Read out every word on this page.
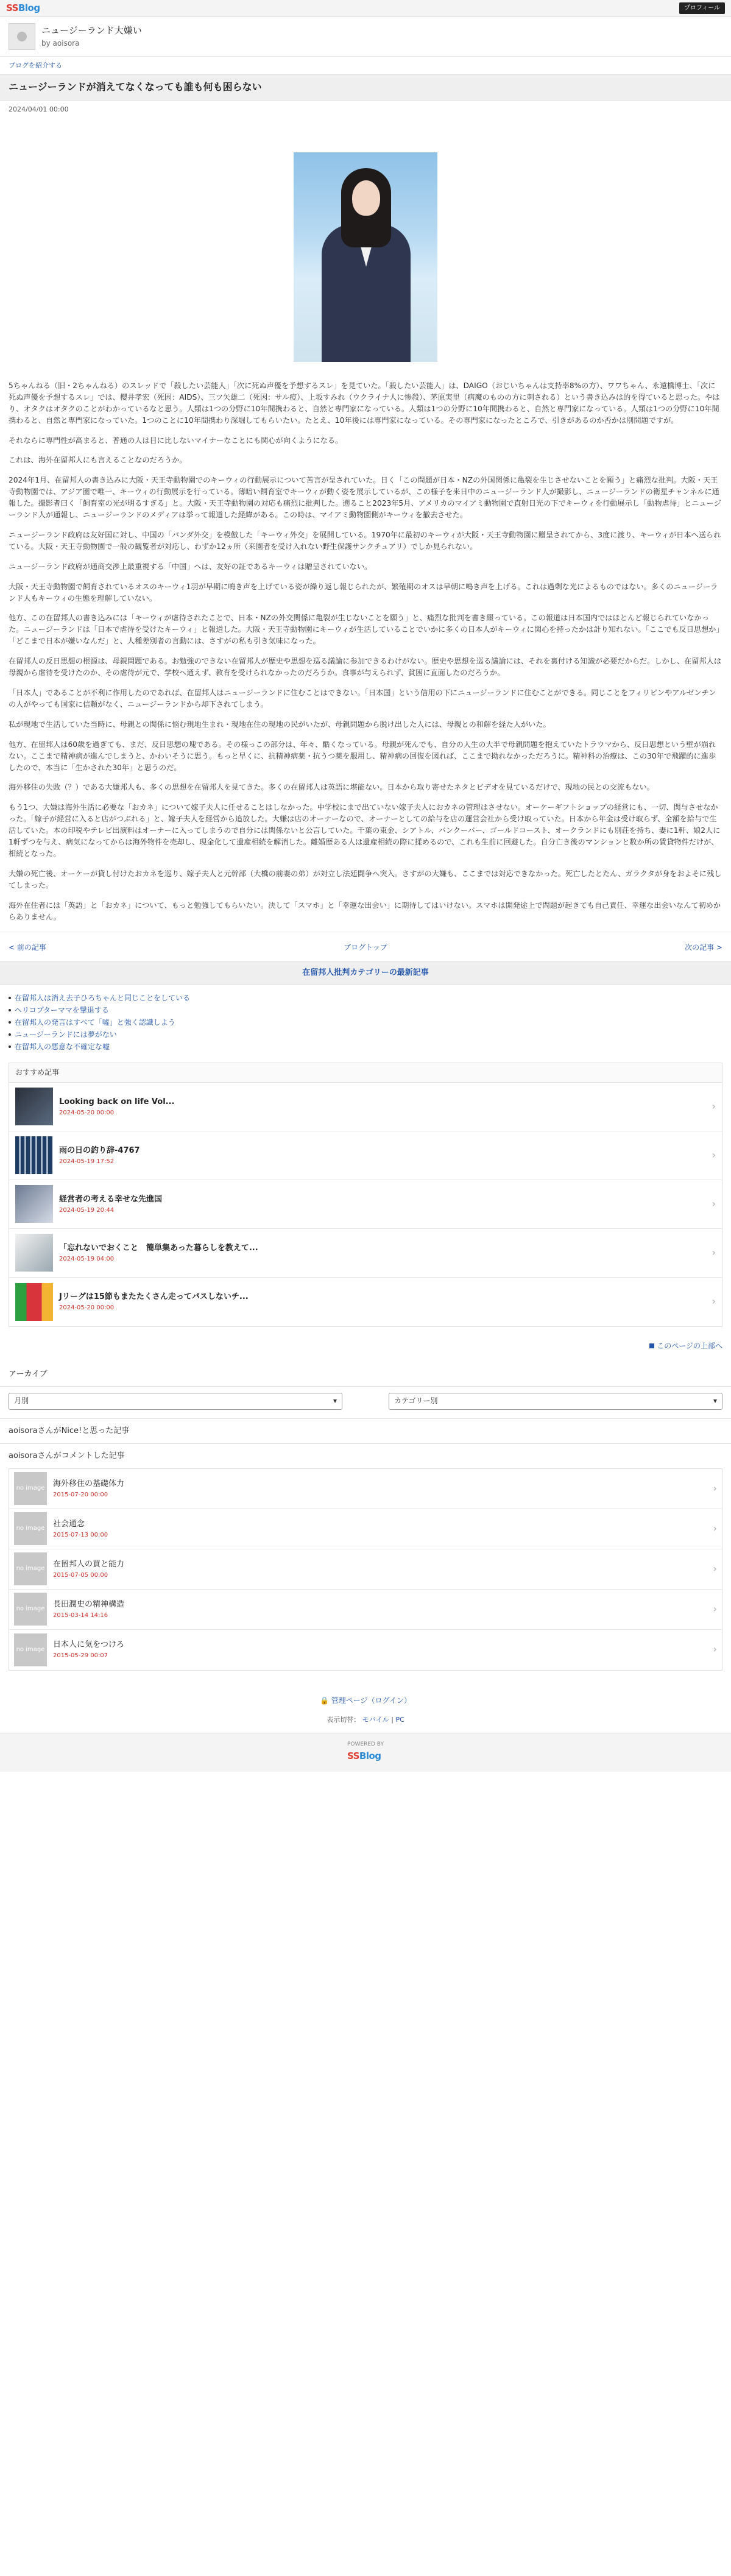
SS Blog	プロフィール
ニュージーランド大嫌い
by aoisora
ブログを紹介する
ニュージーランドが消えてなくなっても誰も何も困らない
2024/04/01 00:00

5ちゃんねる（旧・2ちゃんねる）のスレッドで「殺したい芸能人」「次に死ぬ声優を予想するスレ」を見ていた。「殺したい芸能人」は、DAIGO（おじいちゃんは支持率8%の方）、ワワちゃん、永遠橋博士、「次に死ぬ声優を予想するスレ」では、櫻井孝宏（死因：AIDS）、三ツ矢雄二（死因：サル痘）、上坂すみれ（ウクライナ人に惨殺）、茅原実里（病魔のものの方に刺される）という書き込みは的を得ていると思った。やはり、オタクはオタクのことがわかっているなと思う。人類は1つの分野に10年間携わると、自然と専門家になっている。人類は1つの分野に10年間携わると、自然と専門家になっている。人類は1つの分野に10年間携わると、自然と専門家になっていた。1つのことに10年間携わり深堀してもらいたい。たとえ、10年後には専門家になっている。その専門家になったところで、引きがあるのか否かは別問題ですが。

それならに専門性が高まると、普通の人は目に比しないマイナーなことにも関心が向くようになる。

これは、海外在留邦人にも言えることなのだろうか。

2024年1月、在留邦人の書き込みに大阪・天王寺動物園でのキーウィの行動展示について苦言が呈されていた。日く「この問題が日本・NZの外国関係に亀裂を生じさせないことを願う」と痛烈な批判。大阪・天王寺動物園では、アジア圏で唯一、キーウィの行動展示を行っている。薄暗い飼育室でキーウィが動く姿を展示しているが、この様子を来日中のニュージーランド人が撮影し、ニュージーランドの衛星チャンネルに通報した。撮影者曰く「飼育室の光が明るすぎる」と。大阪・天王寺動物園の対応も痛烈に批判した。遡ること2023年5月、アメリカのマイアミ動物園で直射日光の下でキーウィを行動展示し「動物虐待」とニュージーランド人が通報し、ニュージーランドのメディアは挙って報道した経緯がある。この時は、マイアミ動物園側がキーウィを撤去させた。

ニュージーランド政府は友好国に対し、中国の「パンダ外交」を模倣した「キーウィ外交」を展開している。1970年に最初のキーウィが大阪・天王寺動物園に贈呈されてから、3度に渡り、キーウィが日本へ送られている。大阪・天王寺動物園で一般の観覧者が対応し、わずか12ヵ所（来園者を受け入れない野生保護サンクチュアリ）でしか見られない。

ニュージーランド政府が通商交渉上最重視する「中国」へは、友好の証であるキーウィは贈呈されていない。

大阪・天王寺動物園で飼育されているオスのキーウィ1羽が早期に鳴き声を上げている姿が繰り返し報じられたが、繁殖期のオスは早朝に鳴き声を上げる。これは過剰な光によるものではない。多くのニュージーランド人もキーウィの生態を理解していない。

他方、この在留邦人の書き込みには「キーウィが虐待されたことで、日本・NZの外交関係に亀裂が生じないことを願う」と、痛烈な批判を書き綴っている。この報道は日本国内ではほとんど報じられていなかった。ニュージーランドは「日本で虐待を受けたキーウィ」と報道した。大阪・天王寺動物園にキーウィが生活していることでいかに多くの日本人がキーウィに関心を持ったかは計り知れない。「ここでも反日思想か」「どこまで日本が嫌いなんだ」と、人種差別者の言動には、さすがの私も引き気味になった。

在留邦人の反日思想の根源は、母親問題である。お勉強のできない在留邦人が歴史や思想を巡る議論に参加できるわけがない。歴史や思想を巡る議論には、それを裏付ける知識が必要だからだ。しかし、在留邦人は母親から虐待を受けたのか、その虐待が元で、学校へ通えず、教育を受けられなかったのだろうか。食事が与えられず、貧困に直面したのだろうか。

「日本人」であることが不利に作用したのであれば、在留邦人はニュージーランドに住むことはできない。「日本国」という信用の下にニュージーランドに住むことができる。同じことをフィリピンやアルゼンチンの人がやっても国家に信頼がなく、ニュージーランドから却下されてしまう。

私が現地で生活していた当時に、母親との関係に悩む現地生まれ・現地在住の現地の民がいたが、母親問題から脱け出した人には、母親との和解を経た人がいた。

他方、在留邦人は60歳を過ぎても、まだ、反日思想の塊である。その様っこの部分は、年々、酷くなっている。母親が死んでも、自分の人生の大半で母親問題を抱えていたトラウマから、反日思想という壁が崩れない。ここまで精神病が進んでしまうと、かわいそうに思う。もっと早くに、抗精神病薬・抗うつ薬を服用し、精神病の回復を図れば、ここまで拗れなかっただろうに。精神科の治療は、この30年で飛躍的に進歩したので、本当に「生かされた30年」と思うのだ。

海外移住の失敗（？）である大嫌邦人も、多くの思想を在留邦人を見てきた。多くの在留邦人は英語に堪能ない。日本から取り寄せたネタとビデオを見ているだけで、現地の民との交流もない。

もう1つ、大嫌は海外生活に必要な「おカネ」について嫁子夫人に任せることはしなかった。中学校にまで出ていない嫁子夫人におカネの管理はさせない。オーケーギフトショップの経営にも、一切、関与させなかった。「嫁子が経営に入ると店がつぶれる」と、嫁子夫人を経営から追放した。大嫌は店のオーナーなので、オーナーとしての給与を店の運営会社から受け取っていた。日本から年金は受け取らず、全額を給与で生活していた。本の印税やテレビ出演料はオーナーに入ってしまうので自分には関係ないと公言していた。千葉の東金、シアトル、バンクーバー、ゴールドコースト、オークランドにも別荘を持ち、妻に1軒、娘2人に1軒ずつを与え、病気になってからは海外物件を売却し、現金化して遺産相続を解消した。離婚歴ある人は遺産相続の際に揉めるので、これも生前に回避した。自分亡き後のマンションと数か所の賃貸物件だけが、相続となった。

大嫌の死亡後、オーケーが貸し付けたおカネを巡り、嫁子夫人と元幹部（大橋の前妻の弟）が対立し法廷闘争へ突入。さすがの大嫌も、ここまでは対応できなかった。死亡したとたん、ガラクタが身をおよそに残してしまった。

海外在住者には「英語」と「おカネ」について、もっと勉強してもらいたい。決して「スマホ」と「幸運な出会い」に期待してはいけない。スマホは開発途上で問題が起きても自己責任、幸運な出会いなんて初めからありません。

< 前の記事	ブログトップ	次の記事 >
在留邦人批判カテゴリーの最新記事
在留邦人は消え去子ひろちゃんと同じことをしている
ヘリコプターママを撃退する
在留邦人の発言はすべて「噓」と強く認識しよう
ニュージーランドには夢がない
在留邦人の悪意な不確定な嘘
おすすめ記事
Looking back on life Vol...
2024-05-20 00:00
›
雨の日の釣り辞-4767
2024-05-19 17:52
›
経営者の考える幸せな先進国
2024-05-19 20:44
›
「忘れないでおくこと　簡単集あった暮らしを教えて...
2024-05-19 04:00
›
Jリーグは15節もまたたくさん走ってパスしないチ...
2024-05-20 00:00
›
このページの上部へ
アーカイブ
月別	▾	カテゴリー別	▾
aoisoraさんがNice!と思った記事
aoisoraさんがコメントした記事
no image
海外移住の基礎体力
2015-07-20 00:00
›
no image
社会通念
2015-07-13 00:00
›
no image
在留邦人の買と能力
2015-07-05 00:00
›
no image
長田潤史の精神構造
2015-03-14 14:16
›
no image
日本人に気をつけろ
2015-05-29 00:07
›
🔒 管理ページ（ログイン）
表示切替： モバイル | PC
POWERED BY
SS Blog
